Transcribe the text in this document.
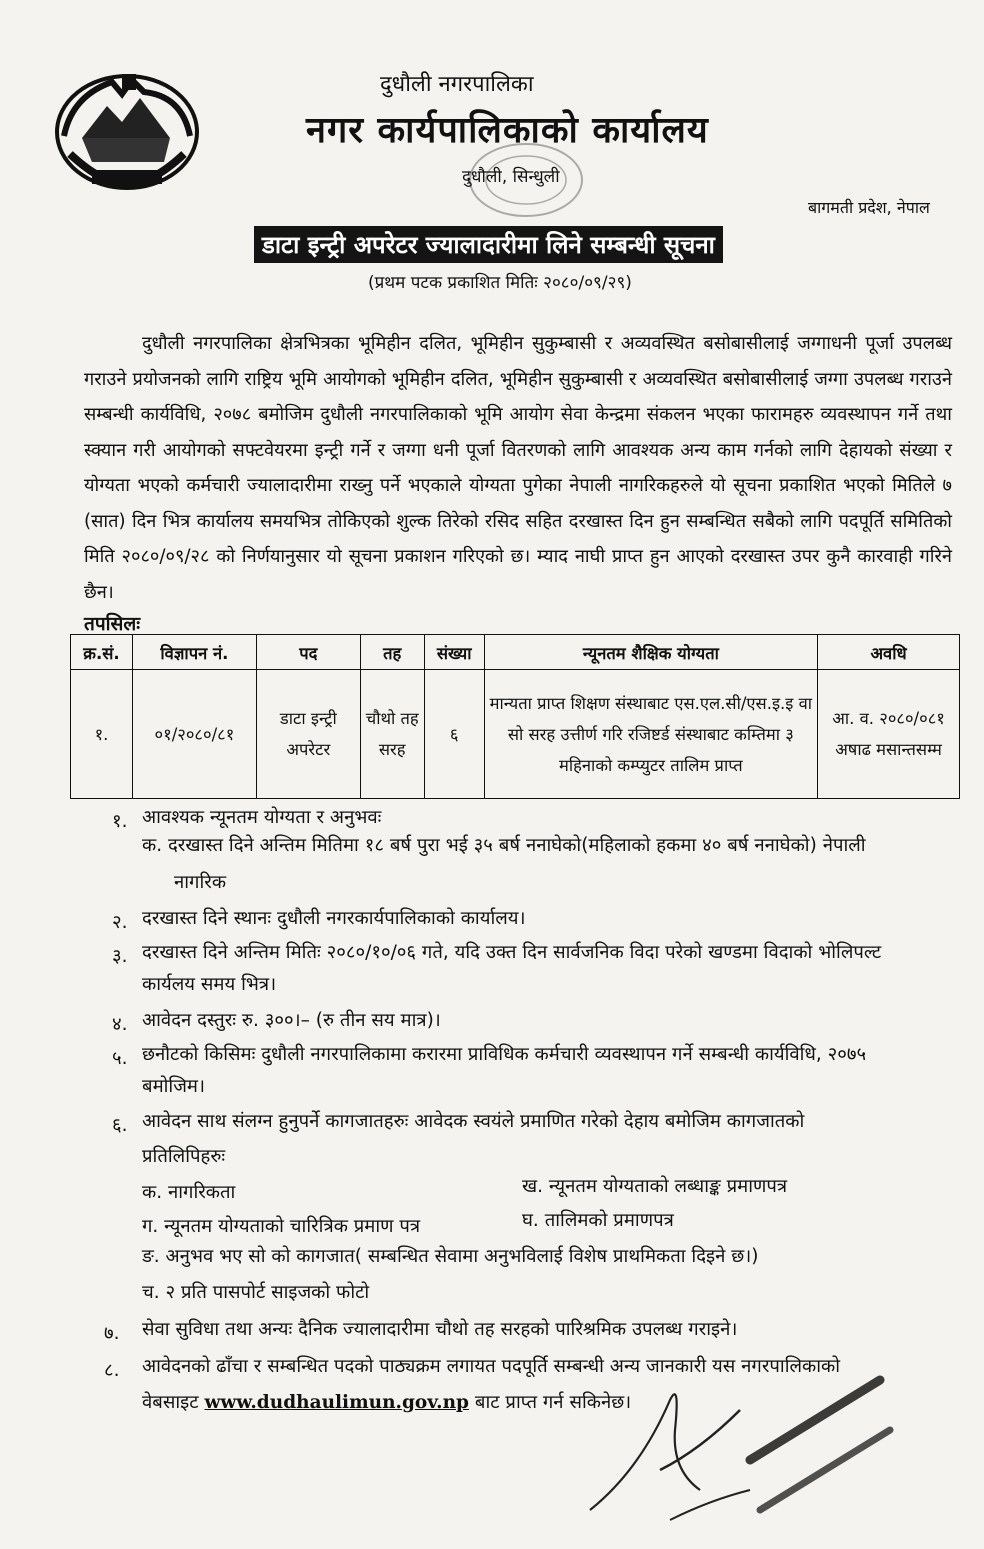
दुधौली नगरपालिका
नगर कार्यपालिकाको कार्यालय
दुधौली, सिन्धुली
बागमती प्रदेश, नेपाल
डाटा इन्ट्री अपरेटर ज्यालादारीमा लिने सम्बन्धी सूचना
(प्रथम पटक प्रकाशित मितिः २०८०/०९/२९)
दुधौली नगरपालिका क्षेत्रभित्रका भूमिहीन दलित, भूमिहीन सुकुम्बासी र अव्यवस्थित बसोबासीलाई जग्गाधनी पूर्जा उपलब्ध गराउने प्रयोजनको लागि राष्ट्रिय भूमि आयोगको भूमिहीन दलित, भूमिहीन सुकुम्बासी र अव्यवस्थित बसोबासीलाई जग्गा उपलब्ध गराउने सम्बन्धी कार्यविधि, २०७८ बमोजिम दुधौली नगरपालिकाको भूमि आयोग सेवा केन्द्रमा संकलन भएका फारामहरु व्यवस्थापन गर्ने तथा स्क्यान गरी आयोगको सफ्टवेयरमा इन्ट्री गर्ने र जग्गा धनी पूर्जा वितरणको लागि आवश्यक अन्य काम गर्नको लागि देहायको संख्या र योग्यता भएको कर्मचारी ज्यालादारीमा राख्नु पर्ने भएकाले योग्यता पुगेका नेपाली नागरिकहरुले यो सूचना प्रकाशित भएको मितिले ७ (सात) दिन भित्र कार्यालय समयभित्र तोकिएको शुल्क तिरेको रसिद सहित दरखास्त दिन हुन सम्बन्धित सबैको लागि पदपूर्ति समितिको मिति २०८०/०९/२८ को निर्णयानुसार यो सूचना प्रकाशन गरिएको छ। म्याद नाघी प्राप्त हुन आएको दरखास्त उपर कुनै कारवाही गरिने छैन।
तपसिलः
क्र.सं.	विज्ञापन नं.	पद	तह	संख्या	न्यूनतम शैक्षिक योग्यता	अवधि
१.	०१/२०८०/८१	डाटा इन्ट्री अपरेटर	चौथो तह सरह	६	मान्यता प्राप्त शिक्षण संस्थाबाट एस.एल.सी/एस.इ.इ वा सो सरह उत्तीर्ण गरि रजिष्टर्ड संस्थाबाट कम्तिमा ३ महिनाको कम्प्युटर तालिम प्राप्त	आ. व. २०८०/०८१ अषाढ मसान्तसम्म
१. आवश्यक न्यूनतम योग्यता र अनुभवः
क. दरखास्त दिने अन्तिम मितिमा १८ बर्ष पुरा भई ३५ बर्ष ननाघेको(महिलाको हकमा ४० बर्ष ननाघेको) नेपाली
नागरिक
२. दरखास्त दिने स्थानः दुधौली नगरकार्यपालिकाको कार्यालय।
३. दरखास्त दिने अन्तिम मितिः २०८०/१०/०६ गते, यदि उक्त दिन सार्वजनिक विदा परेको खण्डमा विदाको भोलिपल्ट
कार्यलय समय भित्र।
४. आवेदन दस्तुरः रु. ३००।– (रु तीन सय मात्र)।
५. छनौटको किसिमः दुधौली नगरपालिकामा करारमा प्राविधिक कर्मचारी व्यवस्थापन गर्ने सम्बन्धी कार्यविधि, २०७५
बमोजिम।
६. आवेदन साथ संलग्न हुनुपर्ने कागजातहरुः आवेदक स्वयंले प्रमाणित गरेको देहाय बमोजिम कागजातको
प्रतिलिपिहरुः
क. नागरिकता	ख. न्यूनतम योग्यताको लब्धाङ्क प्रमाणपत्र
ग. न्यूनतम योग्यताको चारित्रिक प्रमाण पत्र	घ. तालिमको प्रमाणपत्र
ङ. अनुभव भए सो को कागजात( सम्बन्धित सेवामा अनुभविलाई विशेष प्राथमिकता दिइने छ।)
च. २ प्रति पासपोर्ट साइजको फोटो
७. सेवा सुविधा तथा अन्यः दैनिक ज्यालादारीमा चौथो तह सरहको पारिश्रमिक उपलब्ध गराइने।
८. आवेदनको ढाँचा र सम्बन्धित पदको पाठ्यक्रम लगायत पदपूर्ति सम्बन्धी अन्य जानकारी यस नगरपालिकाको
वेबसाइट www.dudhaulimun.gov.np बाट प्राप्त गर्न सकिनेछ।
